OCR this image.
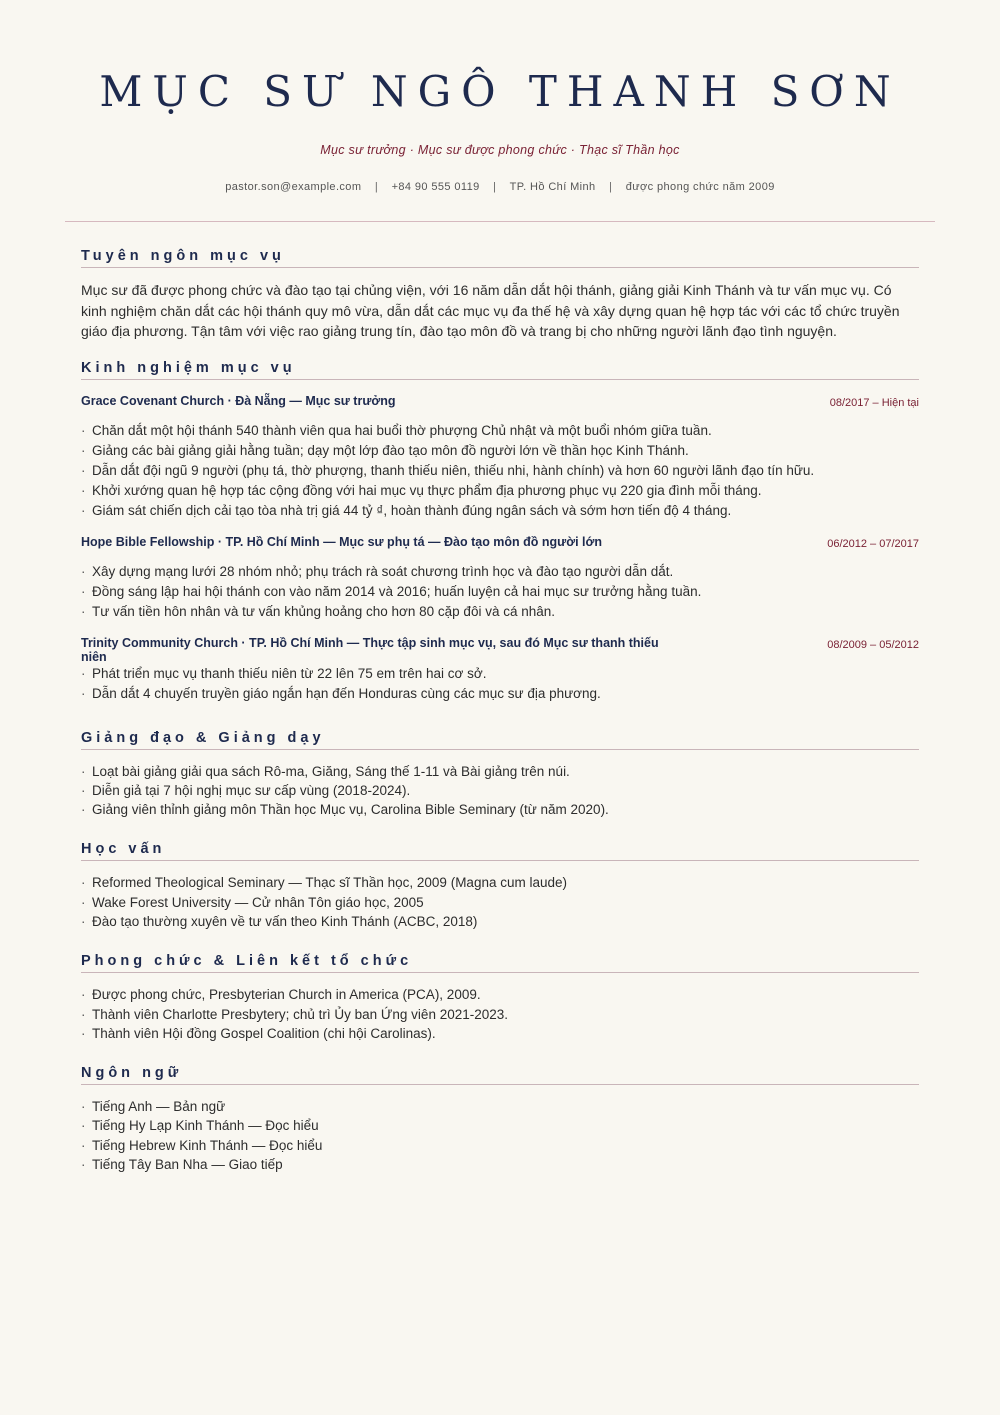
MỤC SƯ NGÔ THANH SƠN
Mục sư trưởng · Mục sư được phong chức · Thạc sĩ Thần học
pastor.son@example.com | +84 90 555 0119 | TP. Hồ Chí Minh | được phong chức năm 2009
Tuyên ngôn mục vụ
Mục sư đã được phong chức và đào tạo tại chủng viện, với 16 năm dẫn dắt hội thánh, giảng giải Kinh Thánh và tư vấn mục vụ. Có kinh nghiệm chăn dắt các hội thánh quy mô vừa, dẫn dắt các mục vụ đa thế hệ và xây dựng quan hệ hợp tác với các tổ chức truyền giáo địa phương. Tận tâm với việc rao giảng trung tín, đào tạo môn đồ và trang bị cho những người lãnh đạo tình nguyện.
Kinh nghiệm mục vụ
Grace Covenant Church · Đà Nẵng — Mục sư trưởng	08/2017 – Hiện tại
· Chăn dắt một hội thánh 540 thành viên qua hai buổi thờ phượng Chủ nhật và một buổi nhóm giữa tuần.
· Giảng các bài giảng giải hằng tuần; dạy một lớp đào tạo môn đồ người lớn về thần học Kinh Thánh.
· Dẫn dắt đội ngũ 9 người (phụ tá, thờ phượng, thanh thiếu niên, thiếu nhi, hành chính) và hơn 60 người lãnh đạo tín hữu.
· Khởi xướng quan hệ hợp tác cộng đồng với hai mục vụ thực phẩm địa phương phục vụ 220 gia đình mỗi tháng.
· Giám sát chiến dịch cải tạo tòa nhà trị giá 44 tỷ ₫, hoàn thành đúng ngân sách và sớm hơn tiến độ 4 tháng.
Hope Bible Fellowship · TP. Hồ Chí Minh — Mục sư phụ tá — Đào tạo môn đồ người lớn	06/2012 – 07/2017
· Xây dựng mạng lưới 28 nhóm nhỏ; phụ trách rà soát chương trình học và đào tạo người dẫn dắt.
· Đồng sáng lập hai hội thánh con vào năm 2014 và 2016; huấn luyện cả hai mục sư trưởng hằng tuần.
· Tư vấn tiền hôn nhân và tư vấn khủng hoảng cho hơn 80 cặp đôi và cá nhân.
Trinity Community Church · TP. Hồ Chí Minh — Thực tập sinh mục vụ, sau đó Mục sư thanh thiếu niên
08/2009 – 05/2012
· Phát triển mục vụ thanh thiếu niên từ 22 lên 75 em trên hai cơ sở.
· Dẫn dắt 4 chuyến truyền giáo ngắn hạn đến Honduras cùng các mục sư địa phương.
Giảng đạo & Giảng dạy
· Loạt bài giảng giải qua sách Rô-ma, Giăng, Sáng thế 1-11 và Bài giảng trên núi.
· Diễn giả tại 7 hội nghị mục sư cấp vùng (2018-2024).
· Giảng viên thỉnh giảng môn Thần học Mục vụ, Carolina Bible Seminary (từ năm 2020).
Học vấn
· Reformed Theological Seminary — Thạc sĩ Thần học, 2009 (Magna cum laude)
· Wake Forest University — Cử nhân Tôn giáo học, 2005
· Đào tạo thường xuyên về tư vấn theo Kinh Thánh (ACBC, 2018)
Phong chức & Liên kết tổ chức
· Được phong chức, Presbyterian Church in America (PCA), 2009.
· Thành viên Charlotte Presbytery; chủ trì Ủy ban Ứng viên 2021-2023.
· Thành viên Hội đồng Gospel Coalition (chi hội Carolinas).
Ngôn ngữ
· Tiếng Anh — Bản ngữ
· Tiếng Hy Lạp Kinh Thánh — Đọc hiểu
· Tiếng Hebrew Kinh Thánh — Đọc hiểu
· Tiếng Tây Ban Nha — Giao tiếp
